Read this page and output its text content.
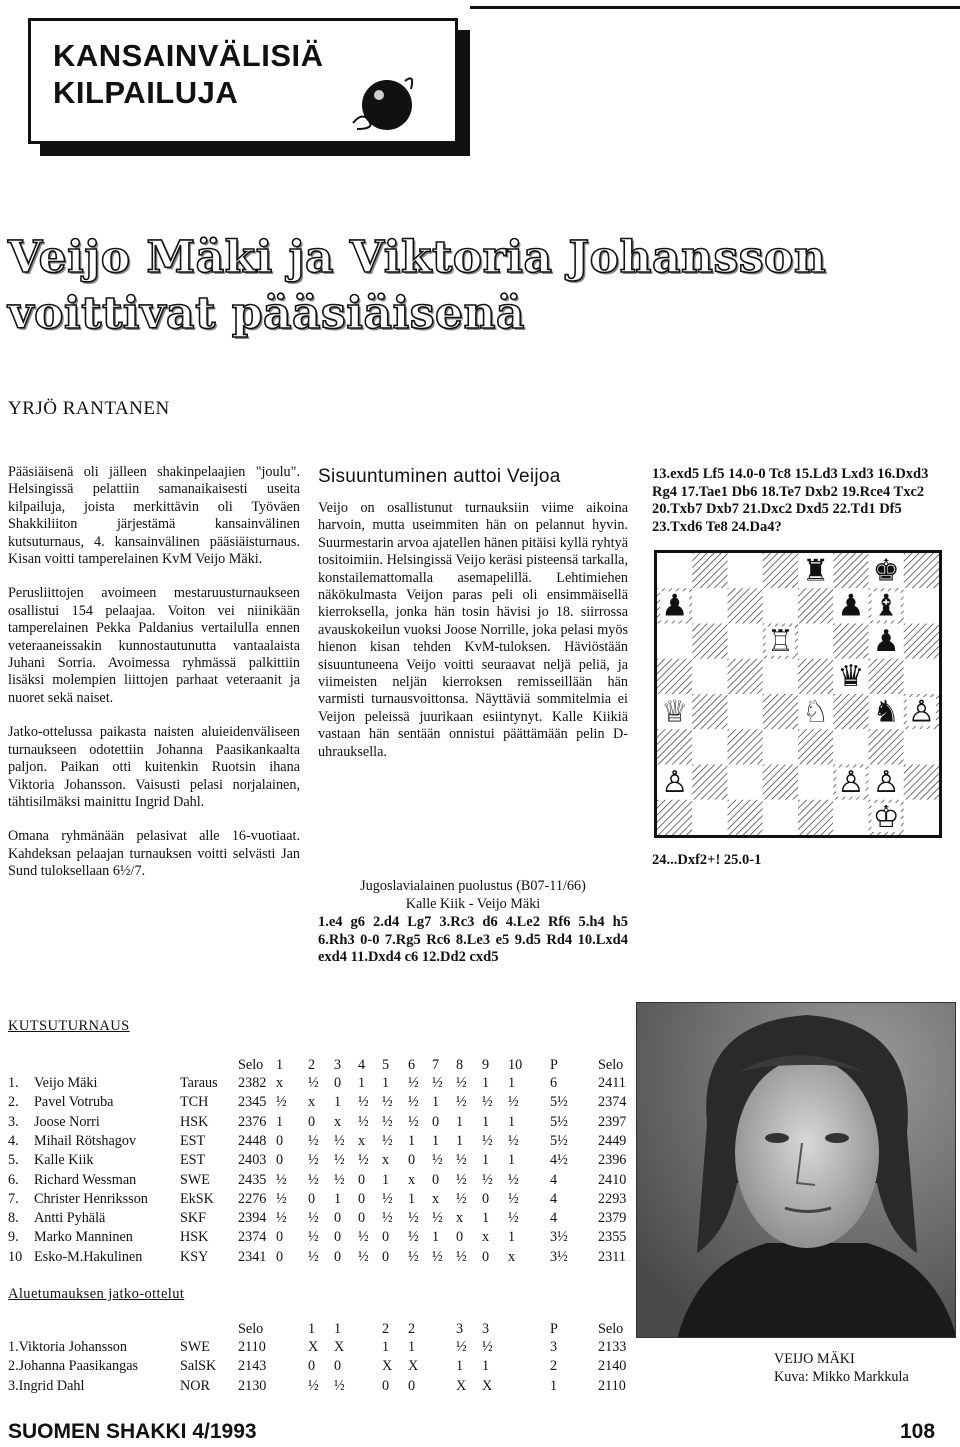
KANSAINVÄLISIÄ
KILPAILUJA
Veijo Mäki ja Viktoria Johansson
voittivat pääsiäisenä
YRJÖ RANTANEN

Pääsiäisenä oli jälleen shakinpelaajien "joulu". Helsingissä pelattiin samanaikaisesti useita kilpailuja, joista merkittävin oli Työväen Shakkiliiton järjestämä kansainvälinen kutsuturnaus, 4. kansainvälinen pääsiäisturnaus. Kisan voitti tamperelainen KvM Veijo Mäki.

Perusliittojen avoimeen mestaruusturnaukseen osallistui 154 pelaajaa. Voiton vei niinikään tamperelainen Pekka Paldanius vertailulla ennen veteraaneissakin kunnostautunutta vantaalaista Juhani Sorria. Avoimessa ryhmässä palkittiin lisäksi molempien liittojen parhaat veteraanit ja nuoret sekä naiset.

Jatko-ottelussa paikasta naisten aluieidenväliseen turnaukseen odotettiin Johanna Paasikankaalta paljon. Paikan otti kuitenkin Ruotsin ihana Viktoria Johansson. Vaisusti pelasi norjalainen, tähtisilmäksi mainittu Ingrid Dahl.

Omana ryhmänään pelasivat alle 16-vuotiaat. Kahdeksan pelaajan turnauksen voitti selvästi Jan Sund tuloksellaan 6½/7.

Sisuuntuminen auttoi Veijoa

Veijo on osallistunut turnauksiin viime aikoina harvoin, mutta useimmiten hän on pelannut hyvin. Suurmestarin arvoa ajatellen hänen pitäisi kyllä ryhtyä tositoimiin. Helsingissä Veijo keräsi pisteensä tarkalla, konstailemattomalla asemapelillä. Lehtimiehen näkökulmasta Veijon paras peli oli ensimmäisellä kierroksella, jonka hän tosin hävisi jo 18. siirrossa avauskokeilun vuoksi Joose Norrille, joka pelasi myös hienon kisan tehden KvM-tuloksen. Häviöstään sisuuntuneena Veijo voitti seuraavat neljä peliä, ja viimeisten neljän kierroksen remisseillään hän varmisti turnausvoittonsa. Näyttäviä sommitelmia ei Veijon peleissä juurikaan esiintynyt. Kalle Kiikiä vastaan hän sentään onnistui päättämään pelin D-uhrauksella.

Jugoslavialainen puolustus (B07-11/66)
Kalle Kiik - Veijo Mäki
1.e4 g6 2.d4 Lg7 3.Rc3 d6 4.Le2 Rf6 5.h4 h5 6.Rh3 0-0 7.Rg5 Rc6 8.Le3 e5 9.d5 Rd4 10.Lxd4 exd4 11.Dxd4 c6 12.Dd2 cxd5
13.exd5 Lf5 14.0-0 Tc8 15.Ld3 Lxd3 16.Dxd3 Rg4 17.Tae1 Db6 18.Te7 Dxb2 19.Rce4 Txc2 20.Txb7 Dxb7 21.Dxc2 Dxd5 22.Td1 Df5 23.Txd6 Te8 24.Da4?
♜ ♚
♟	♟ ♝
♖	♟
♛
♕	♘ ♞ ♙
♙	♙ ♙
♔
24...Dxf2+! 25.0-1
KUTSUTURNAUS
Selo 1 2 3 4 5 6 7 8 9 10 P	Selo
1. Veijo Mäki	Taraus 2382 x ½ 0 1 1 ½ ½ ½ 1 1 6	2411
2. Pavel Votruba	TCH 2345 ½ x 1 ½ ½ ½ 1 ½ ½ ½ 5½ 2374
3. Joose Norri	HSK 2376 1 0 x ½ ½ ½ 0 1 1 1 5½ 2397
4. Mihail Rötshagov	EST 2448 0 ½ ½ x ½ 1 1 1 ½ ½ 5½ 2449
5. Kalle Kiik	EST 2403 0 ½ ½ ½ x 0 ½ ½ 1 1 4½ 2396
6. Richard Wessman	SWE 2435 ½ ½ ½ 0 1 x 0 ½ ½ ½ 4	2410
7. Christer Henriksson EkSK 2276 ½ 0 1 0 ½ 1 x ½ 0 ½ 4	2293
8. Antti Pyhälä	SKF 2394 ½ ½ 0 0 ½ ½ ½ x 1 ½ 4	2379
9. Marko Manninen	HSK 2374 0 ½ 0 ½ 0 ½ 1 0 x 1 3½ 2355
10 Esko-M.Hakulinen	KSY 2341 0 ½ 0 ½ 0 ½ ½ ½ 0 x 3½ 2311
Aluetumauksen jatko-ottelut
Selo	1 1	2 2	3 3	P	Selo
1.Viktoria Johansson	SWE 2110	X X	1 1	½ ½	3	2133
2.Johanna Paasikangas	SalSK 2143	0 0	X X	1 1	2	2140
3.Ingrid Dahl	NOR 2130	½ ½	0 0	X X	1	2110
VEIJO MÄKI
Kuva: Mikko Markkula
SUOMEN SHAKKI 4/1993	108
